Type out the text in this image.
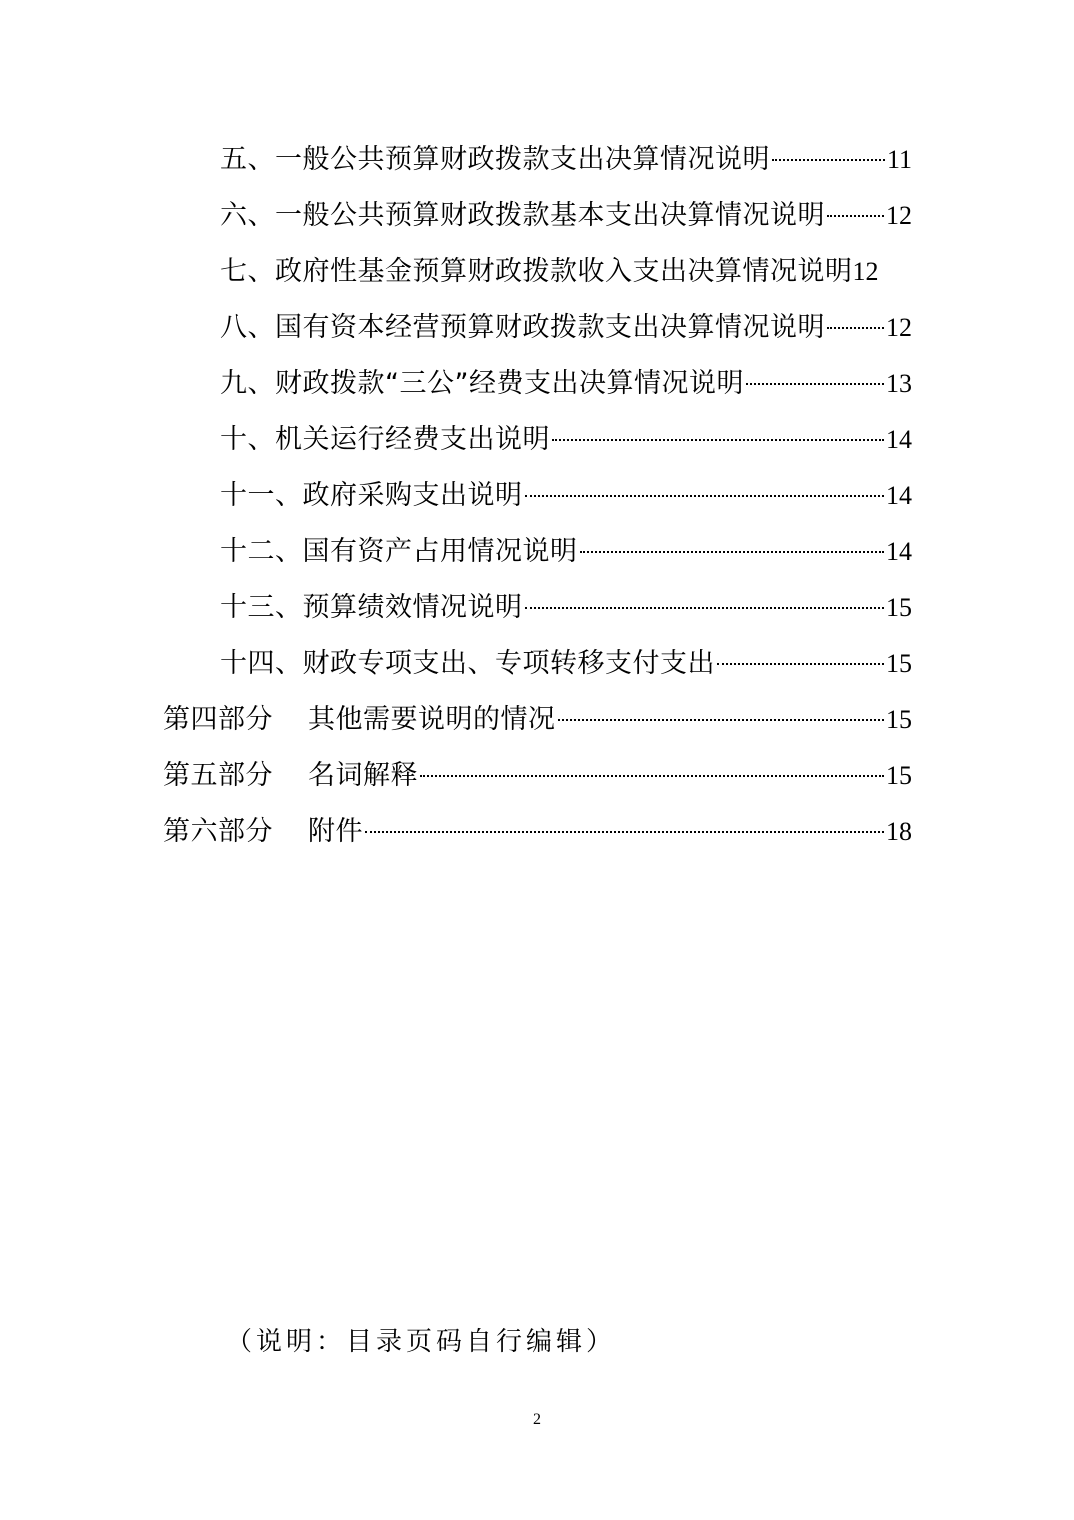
五、一般公共预算财政拨款支出决算情况说明	11
六、一般公共预算财政拨款基本支出决算情况说明 12
七、政府性基金预算财政拨款收入支出决算情况说明 12
八、国有资本经营预算财政拨款支出决算情况说明 12
九、财政拨款“三公”经费支出决算情况说明	13
十、机关运行经费支出说明	14
十一、政府采购支出说明	14
十二、国有资产占用情况说明	14
十三、预算绩效情况说明	15
十四、财政专项支出、专项转移支付支出	15
第四部分 其他需要说明的情况	15
第五部分 名词解释	15
第六部分 附件	18
（说明：目录页码自行编辑）
2
